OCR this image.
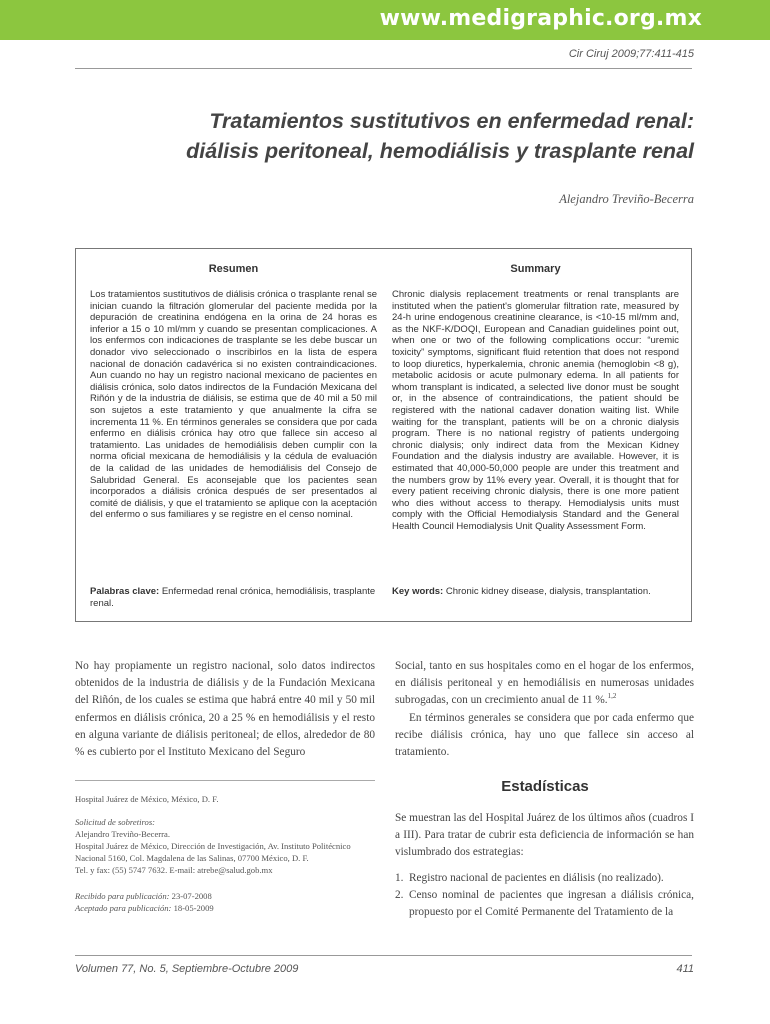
www.medigraphic.org.mx
Cir Ciruj 2009;77:411-415
Tratamientos sustitutivos en enfermedad renal:
diálisis peritoneal, hemodiálisis y trasplante renal
Alejandro Treviño-Becerra
Resumen
Los tratamientos sustitutivos de diálisis crónica o trasplante renal se inician cuando la filtración glomerular del paciente medida por la depuración de creatinina endógena en la orina de 24 horas es inferior a 15 o 10 ml/mm y cuando se presentan complicaciones. A los enfermos con indicaciones de trasplante se les debe buscar un donador vivo seleccionado o inscribirlos en la lista de espera nacional de donación cadavérica si no existen contraindicaciones. Aun cuando no hay un registro nacional mexicano de pacientes en diálisis crónica, solo datos indirectos de la Fundación Mexicana del Riñón y de la industria de diálisis, se estima que de 40 mil a 50 mil son sujetos a este tratamiento y que anualmente la cifra se incrementa 11 %. En términos generales se considera que por cada enfermo en diálisis crónica hay otro que fallece sin acceso al tratamiento. Las unidades de hemodiálisis deben cumplir con la norma oficial mexicana de hemodiálisis y la cédula de evaluación de la calidad de las unidades de hemodiálisis del Consejo de Salubridad General. Es aconsejable que los pacientes sean incorporados a diálisis crónica después de ser presentados al comité de diálisis, y que el tratamiento se aplique con la aceptación del enfermo o sus familiares y se registre en el censo nominal.
Palabras clave: Enfermedad renal crónica, hemodiálisis, trasplante renal.
Summary
Chronic dialysis replacement treatments or renal transplants are instituted when the patient's glomerular filtration rate, measured by 24-h urine endogenous creatinine clearance, is <10-15 ml/mm and, as the NKF-K/DOQI, European and Canadian guidelines point out, when one or two of the following complications occur: “uremic toxicity” symptoms, significant fluid retention that does not respond to loop diuretics, hyperkalemia, chronic anemia (hemoglobin <8 g), metabolic acidosis or acute pulmonary edema. In all patients for whom transplant is indicated, a selected live donor must be sought or, in the absence of contraindications, the patient should be registered with the national cadaver donation waiting list. While waiting for the transplant, patients will be on a chronic dialysis program. There is no national registry of patients undergoing chronic dialysis; only indirect data from the Mexican Kidney Foundation and the dialysis industry are available. However, it is estimated that 40,000-50,000 people are under this treatment and the numbers grow by 11% every year. Overall, it is thought that for every patient receiving chronic dialysis, there is one more patient who dies without access to therapy. Hemodialysis units must comply with the Official Hemodialysis Standard and the General Health Council Hemodialysis Unit Quality Assessment Form.
Key words: Chronic kidney disease, dialysis, transplantation.

No hay propiamente un registro nacional, solo datos indirectos obtenidos de la industria de diálisis y de la Fundación Mexicana del Riñón, de los cuales se estima que habrá entre 40 mil y 50 mil enfermos en diálisis crónica, 20 a 25 % en hemodiálisis y el resto en alguna variante de diálisis peritoneal; de ellos, alrededor de 80 % es cubierto por el Instituto Mexicano del Seguro

Social, tanto en sus hospitales como en el hogar de los enfermos, en diálisis peritoneal y en hemodiálisis en numerosas unidades subrogadas, con un crecimiento anual de 11 %.$^{1,2}$

En términos generales se considera que por cada enfermo que recibe diálisis crónica, hay uno que fallece sin acceso al tratamiento.

Estadísticas

Se muestran las del Hospital Juárez de los últimos años (cuadros I a III). Para tratar de cubrir esta deficiencia de información se han vislumbrado dos estrategias:

1. Registro nacional de pacientes en diálisis (no realizado).
2. Censo nominal de pacientes que ingresan a diálisis crónica, propuesto por el Comité Permanente del Tratamiento de la
Hospital Juárez de México, México, D. F.
Solicitud de sobretiros:
Alejandro Treviño-Becerra.
Hospital Juárez de México, Dirección de Investigación, Av. Instituto Politécnico Nacional 5160, Col. Magdalena de las Salinas, 07700 México, D. F.
Tel. y fax: (55) 5747 7632. E-mail: atrebe@salud.gob.mx
Recibido para publicación: 23-07-2008
Aceptado para publicación: 18-05-2009
Volumen 77, No. 5, Septiembre-Octubre 2009	411
